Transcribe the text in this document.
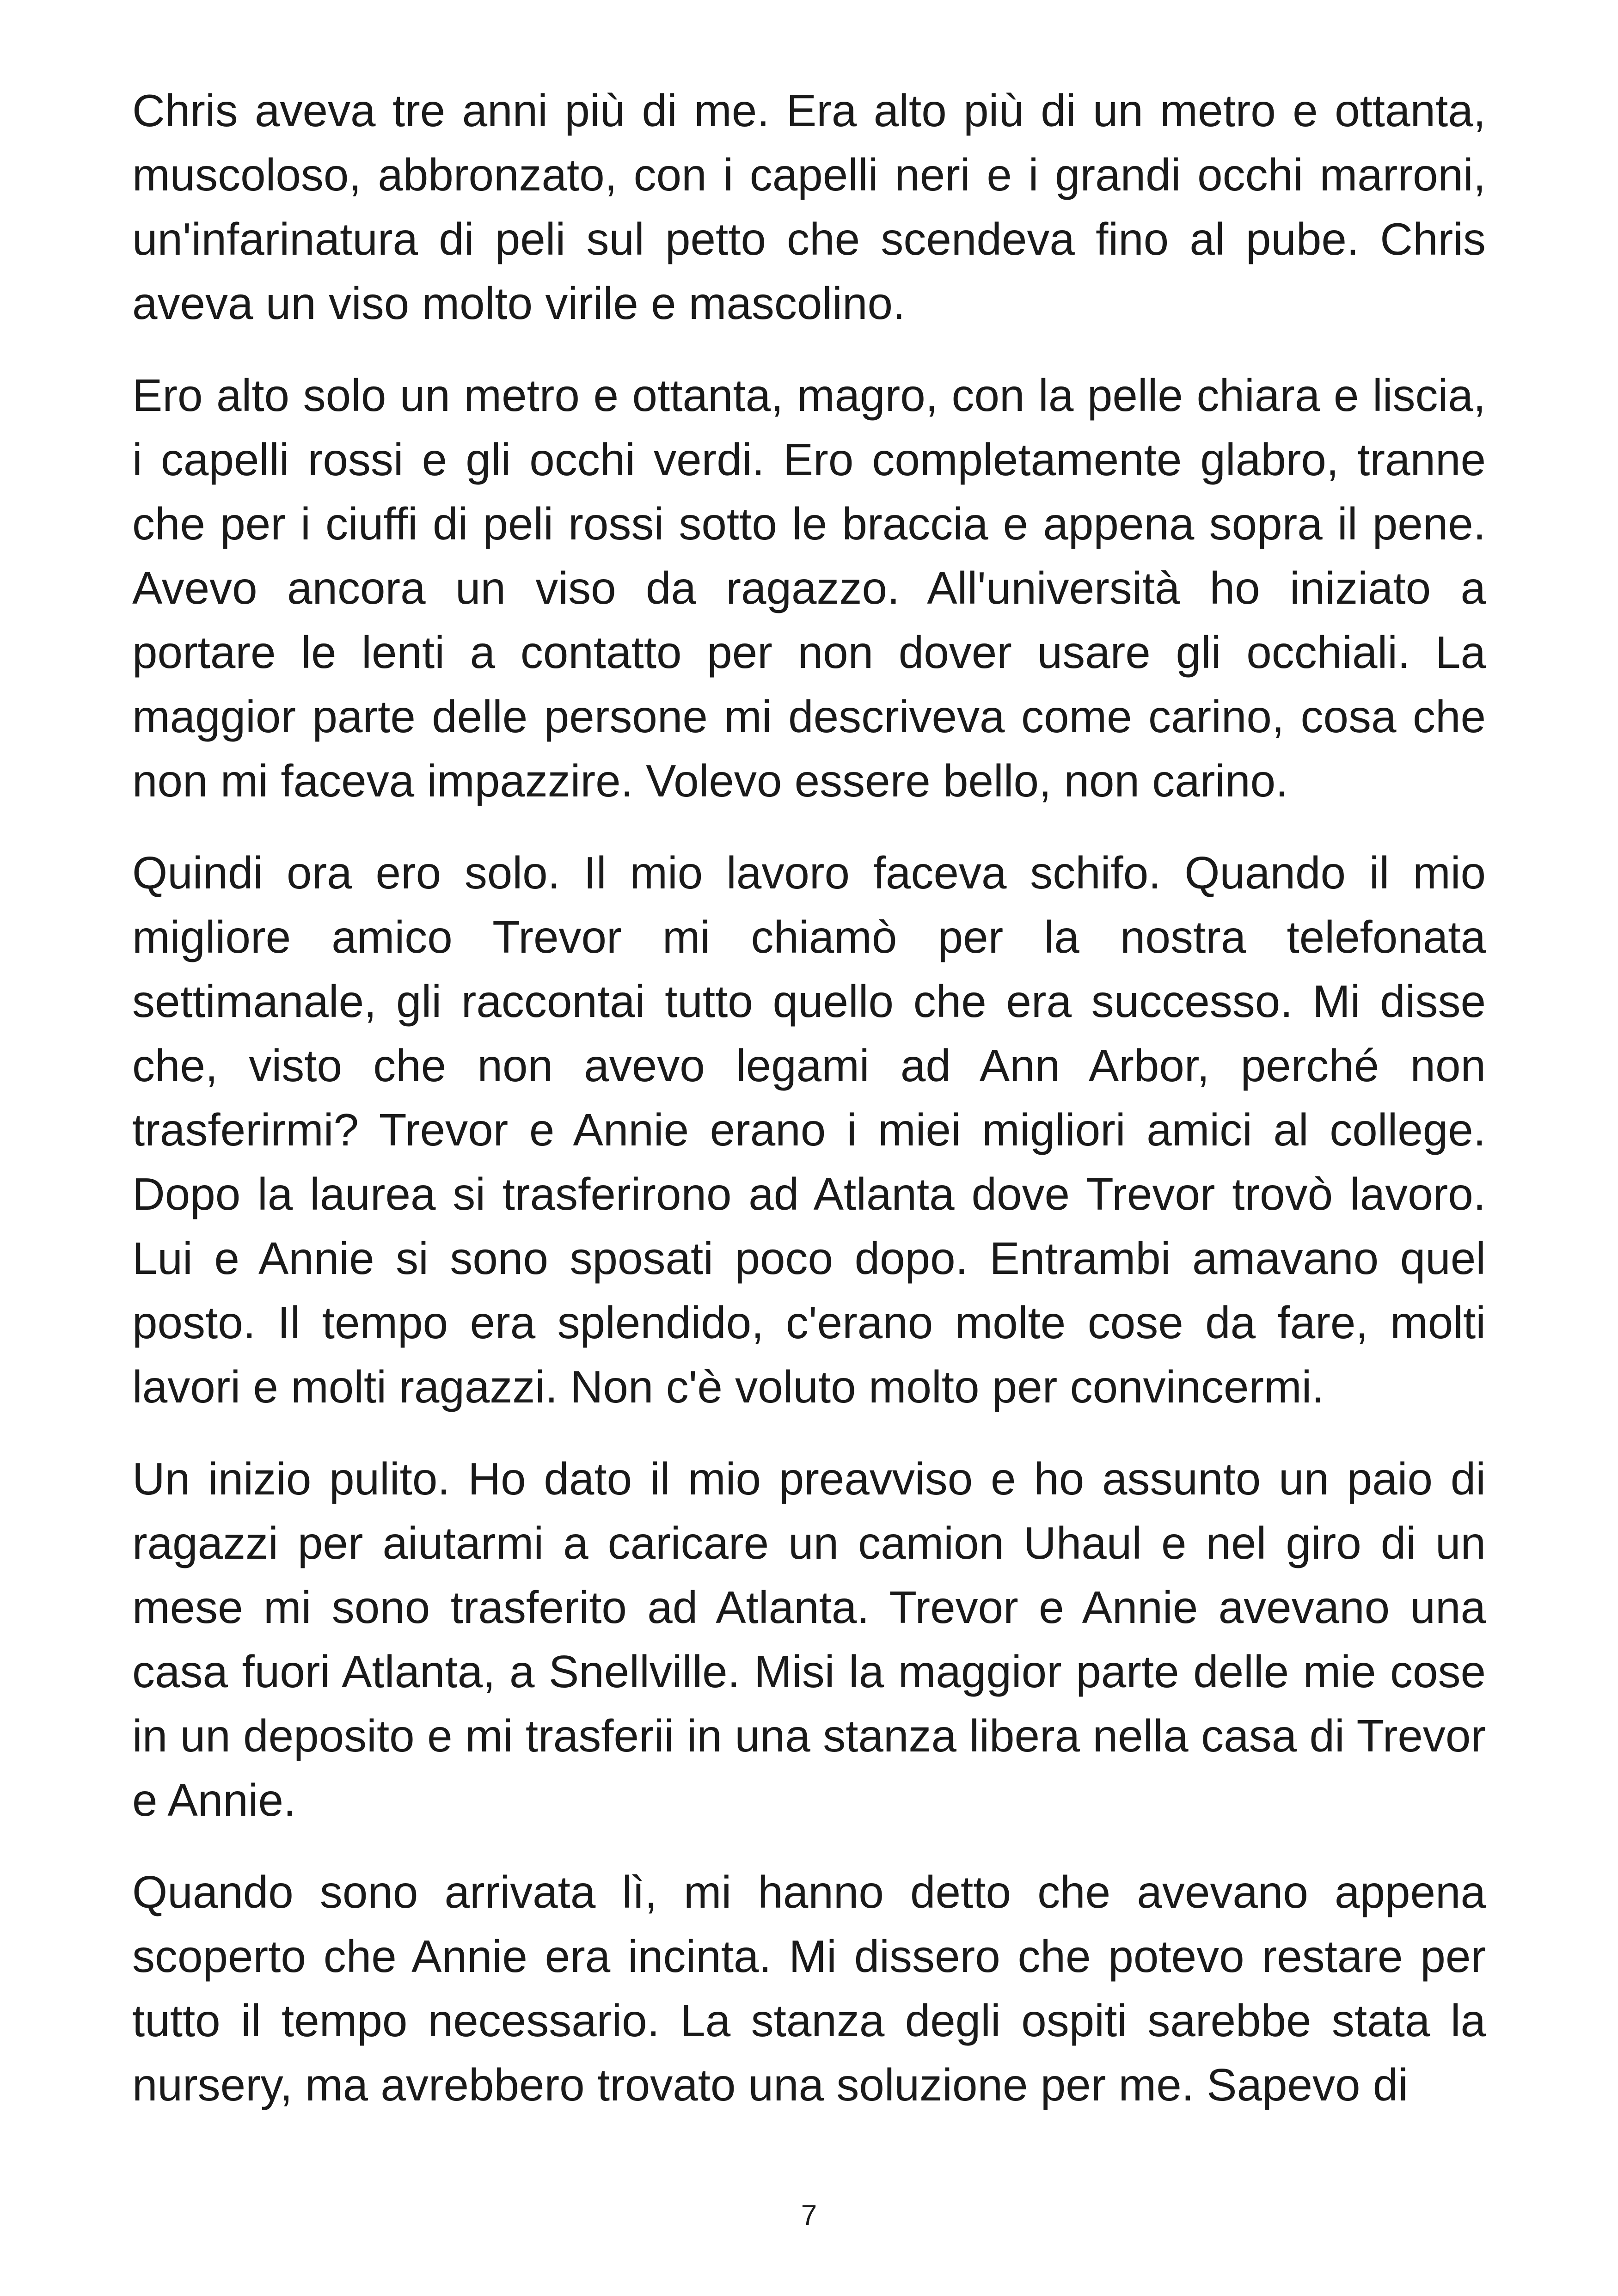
Chris aveva tre anni più di me. Era alto più di un metro e ottanta, muscoloso, abbronzato, con i capelli neri e i grandi occhi marroni, un'infarinatura di peli sul petto che scendeva fino al pube. Chris aveva un viso molto virile e mascolino.

Ero alto solo un metro e ottanta, magro, con la pelle chiara e liscia, i capelli rossi e gli occhi verdi. Ero completamente glabro, tranne che per i ciuffi di peli rossi sotto le braccia e appena sopra il pene. Avevo ancora un viso da ragazzo. All'università ho iniziato a portare le lenti a contatto per non dover usare gli occhiali. La maggior parte delle persone mi descriveva come carino, cosa che non mi faceva impazzire. Volevo essere bello, non carino.

Quindi ora ero solo. Il mio lavoro faceva schifo. Quando il mio migliore amico Trevor mi chiamò per la nostra telefonata settimanale, gli raccontai tutto quello che era successo. Mi disse che, visto che non avevo legami ad Ann Arbor, perché non trasferirmi? Trevor e Annie erano i miei migliori amici al college. Dopo la laurea si trasferirono ad Atlanta dove Trevor trovò lavoro. Lui e Annie si sono sposati poco dopo. Entrambi amavano quel posto. Il tempo era splendido, c'erano molte cose da fare, molti lavori e molti ragazzi. Non c'è voluto molto per convincermi.

Un inizio pulito. Ho dato il mio preavviso e ho assunto un paio di ragazzi per aiutarmi a caricare un camion Uhaul e nel giro di un mese mi sono trasferito ad Atlanta. Trevor e Annie avevano una casa fuori Atlanta, a Snellville. Misi la maggior parte delle mie cose in un deposito e mi trasferii in una stanza libera nella casa di Trevor e Annie.

Quando sono arrivata lì, mi hanno detto che avevano appena scoperto che Annie era incinta. Mi dissero che potevo restare per tutto il tempo necessario. La stanza degli ospiti sarebbe stata la nursery, ma avrebbero trovato una soluzione per me. Sapevo di

7
